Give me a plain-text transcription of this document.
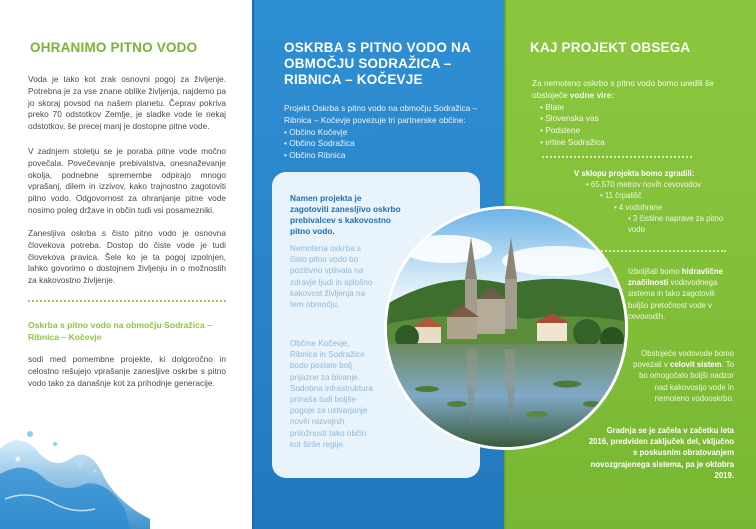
OHRANIMO PITNO VODO

Voda je tako kot zrak osnovni pogoj za življenje. Potrebna je za vse znane oblike življenja, najdemo pa jo skoraj povsod na našem planetu. Čeprav pokriva preko 70 odstotkov Zemlje, je sladke vode le nekaj odstotkov, še precej manj je dostopne pitne vode.

V zadnjem stoletju se je poraba pitne vode močno povečala. Povečevanje prebivalstva, onesnaževanje okolja, podnebne spremembe odpirajo mnogo vprašanj, dilem in izzivov, kako trajnostno zagotoviti pitno vodo. Odgovornost za ohranjanje pitne vode nosimo poleg države in občin tudi vsi posamezniki.

Zanesljiva oskrba s čisto pitno vodo je osnovna človekova potreba. Dostop do čiste vode je tudi človekova pravica. Šele ko je ta pogoj izpolnjen, lahko govorimo o dostojnem življenju in o možnostih za kakovostno življenje.

Oskrba s pitno vodo na območju Sodražica – Ribnica – Kočevje

sodi med pomembne projekte, ki dolgoročno in celostno rešujejo vprašanje zanesljive oskrbe s pitno vodo tako za današnje kot za prihodnje generacije.

OSKRBA S PITNO VODO NA OBMOČJU SODRAŽICA – RIBNICA – KOČEVJE

Projekt Oskrba s pitno vodo na območju Sodražica – Ribnica – Kočevje povezuje tri partnerske občine:

• Občino Kočevje
• Občino Sodražica
• Občino Ribnica

Namen projekta je zagotoviti zanesljivo oskrbo prebivalcev s kakovostno pitno vodo.

Nemotena oskrba s čisto pitno vodo bo pozitivno vplivala na zdravje ljudi in splošno kakovost življenja na tem območju.

Občine Kočevje, Ribnica in Sodražice bodo postale bolj prijazne za bivanje. Sodobna infrastruktura prinaša tudi boljše pogoje za ustvarjanje novih razvojnih priložnosti tako občin kot širše regije.

KAJ PROJEKT OBSEGA

Za nemoteno oskrbo s pitno vodo bomo uredili še obstoječe vodne vire:

• Blate
• Slovenska vas
• Podstene
• vrtine Sodražica

V sklopu projekta bomo zgradili:

• 65.570 metrov novih cevovodov

• 11 črpališč

• 4 vodohrane

• 3 čistilne naprave za pitno vodo

Izboljšali bomo hidravlične značilnosti vodovodnega sistema in tako zagotovili boljšo pretočnost vode v cevovodih.

Obstoječe vodovode bomo povezali v celovit sistem. To bo omogočalo boljši nadzor nad kakovostjo vode in nemoteno vodooskrbo.

Gradnja se je začela v začetku leta 2016, predviden zaključek del, vključno s poskusnim obratovanjem novozgrajenega sistema, pa je oktobra 2019.
